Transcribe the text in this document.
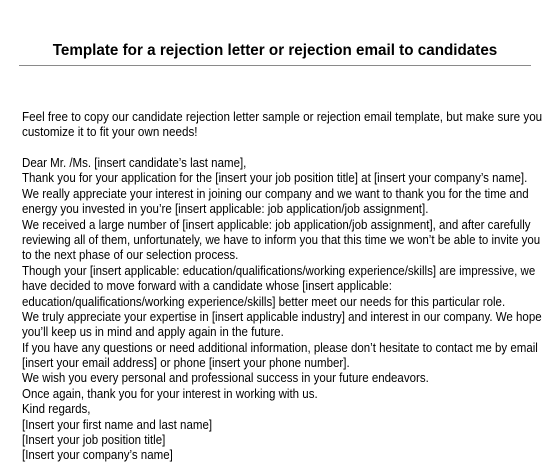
Template for a rejection letter or rejection email to candidates
Feel free to copy our candidate rejection letter sample or rejection email template, but make sure you
customize it to fit your own needs!
Dear Mr. /Ms. [insert candidate’s last name],
Thank you for your application for the [insert your job position title] at [insert your company’s name].
We really appreciate your interest in joining our company and we want to thank you for the time and
energy you invested in you’re [insert applicable: job application/job assignment].
We received a large number of [insert applicable: job application/job assignment], and after carefully
reviewing all of them, unfortunately, we have to inform you that this time we won’t be able to invite you
to the next phase of our selection process.
Though your [insert applicable: education/qualifications/working experience/skills] are impressive, we
have decided to move forward with a candidate whose [insert applicable:
education/qualifications/working experience/skills] better meet our needs for this particular role.
We truly appreciate your expertise in [insert applicable industry] and interest in our company. We hope
you’ll keep us in mind and apply again in the future.
If you have any questions or need additional information, please don’t hesitate to contact me by email
[insert your email address] or phone [insert your phone number].
We wish you every personal and professional success in your future endeavors.
Once again, thank you for your interest in working with us.
Kind regards,
[Insert your first name and last name]
[Insert your job position title]
[Insert your company’s name]
